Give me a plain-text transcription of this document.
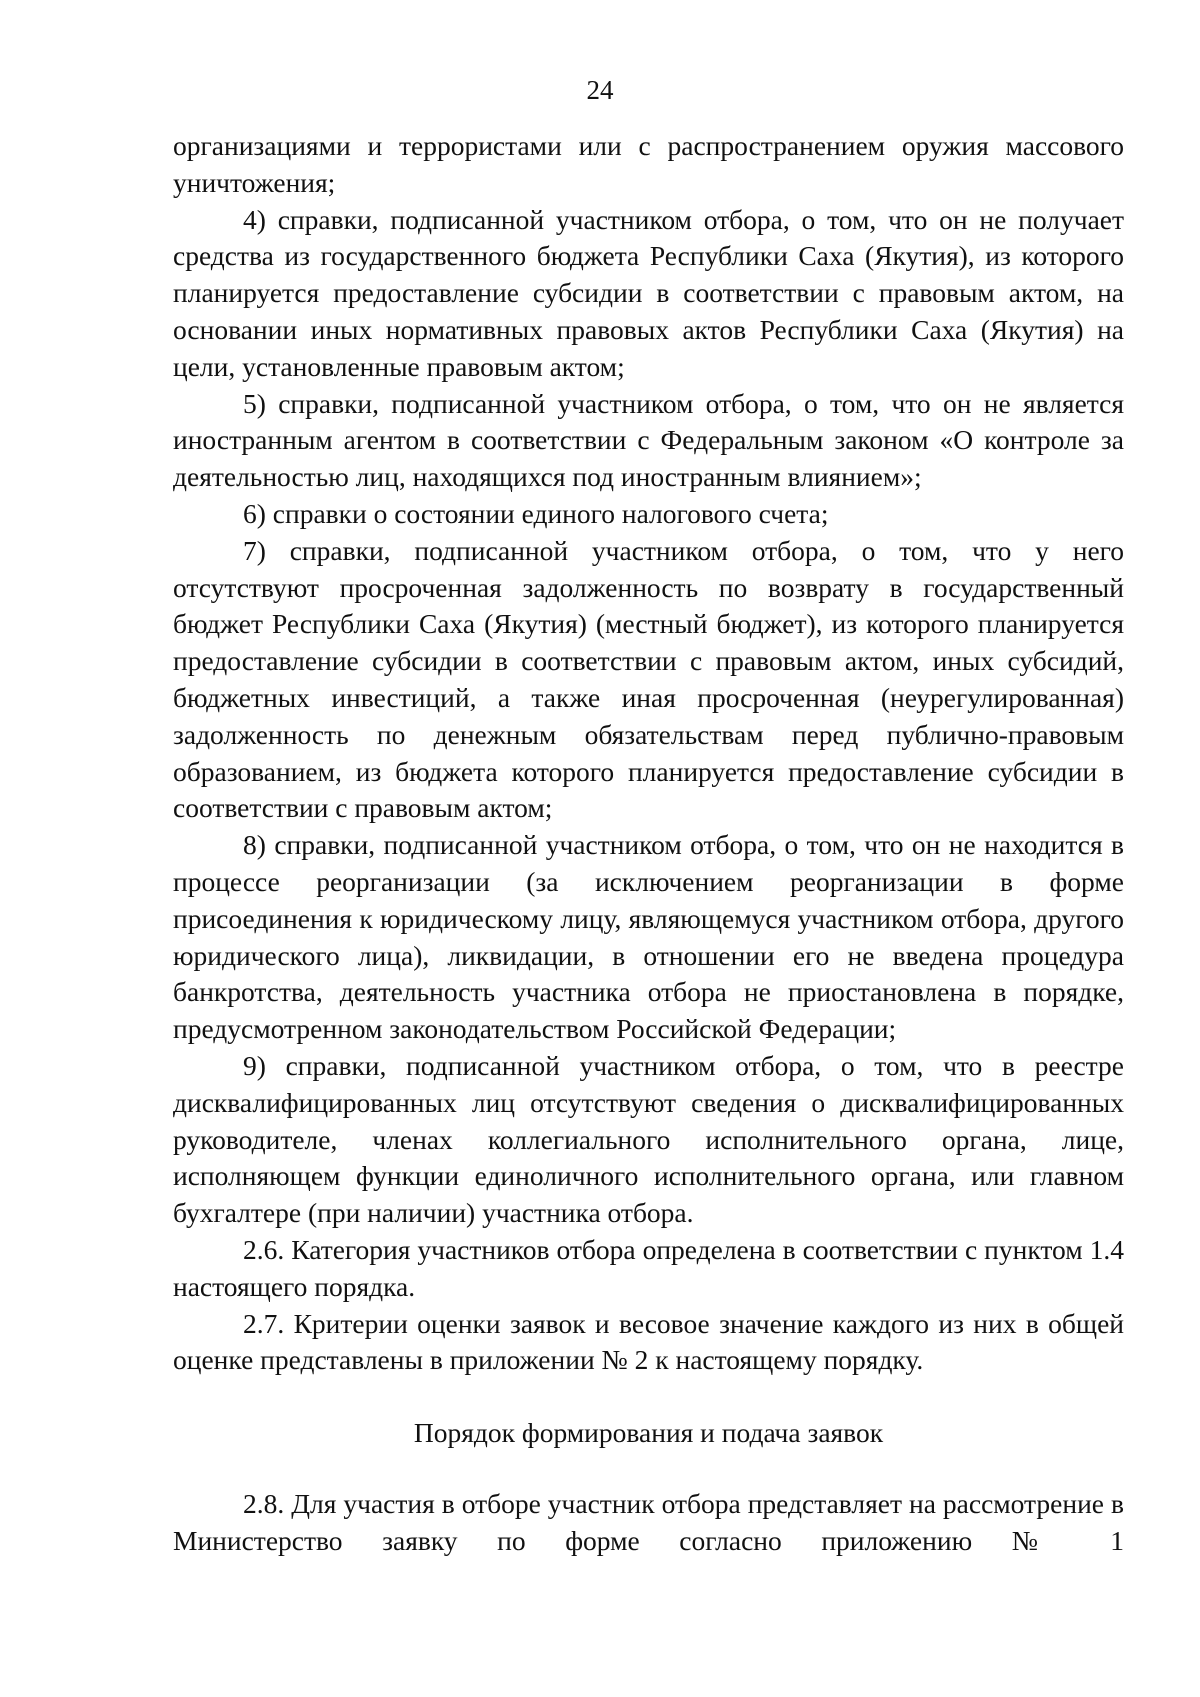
24

организациями и террористами или с распространением оружия массового уничтожения;

4) справки, подписанной участником отбора, о том, что он не получает средства из государственного бюджета Республики Саха (Якутия), из которого планируется предоставление субсидии в соответствии с правовым актом, на основании иных нормативных правовых актов Республики Саха (Якутия) на цели, установленные правовым актом;

5) справки, подписанной участником отбора, о том, что он не является иностранным агентом в соответствии с Федеральным законом «О контроле за деятельностью лиц, находящихся под иностранным влиянием»;

6) справки о состоянии единого налогового счета;

7) справки, подписанной участником отбора, о том, что у него отсутствуют просроченная задолженность по возврату в государственный бюджет Республики Саха (Якутия) (местный бюджет), из которого планируется предоставление субсидии в соответствии с правовым актом, иных субсидий, бюджетных инвестиций, а также иная просроченная (неурегулированная) задолженность по денежным обязательствам перед публично-правовым образованием, из бюджета которого планируется предоставление субсидии в соответствии с правовым актом;

8) справки, подписанной участником отбора, о том, что он не находится в процессе реорганизации (за исключением реорганизации в форме присоединения к юридическому лицу, являющемуся участником отбора, другого юридического лица), ликвидации, в отношении его не введена процедура банкротства, деятельность участника отбора не приостановлена в порядке, предусмотренном законодательством Российской Федерации;

9) справки, подписанной участником отбора, о том, что в реестре дисквалифицированных лиц отсутствуют сведения о дисквалифицированных руководителе, членах коллегиального исполнительного органа, лице, исполняющем функции единоличного исполнительного органа, или главном бухгалтере (при наличии) участника отбора.

2.6. Категория участников отбора определена в соответствии с пунктом 1.4 настоящего порядка.

2.7. Критерии оценки заявок и весовое значение каждого из них в общей оценке представлены в приложении № 2 к настоящему порядку.

Порядок формирования и подача заявок

2.8. Для участия в отборе участник отбора представляет на рассмотрение в Министерство заявку по форме согласно приложению № 1
